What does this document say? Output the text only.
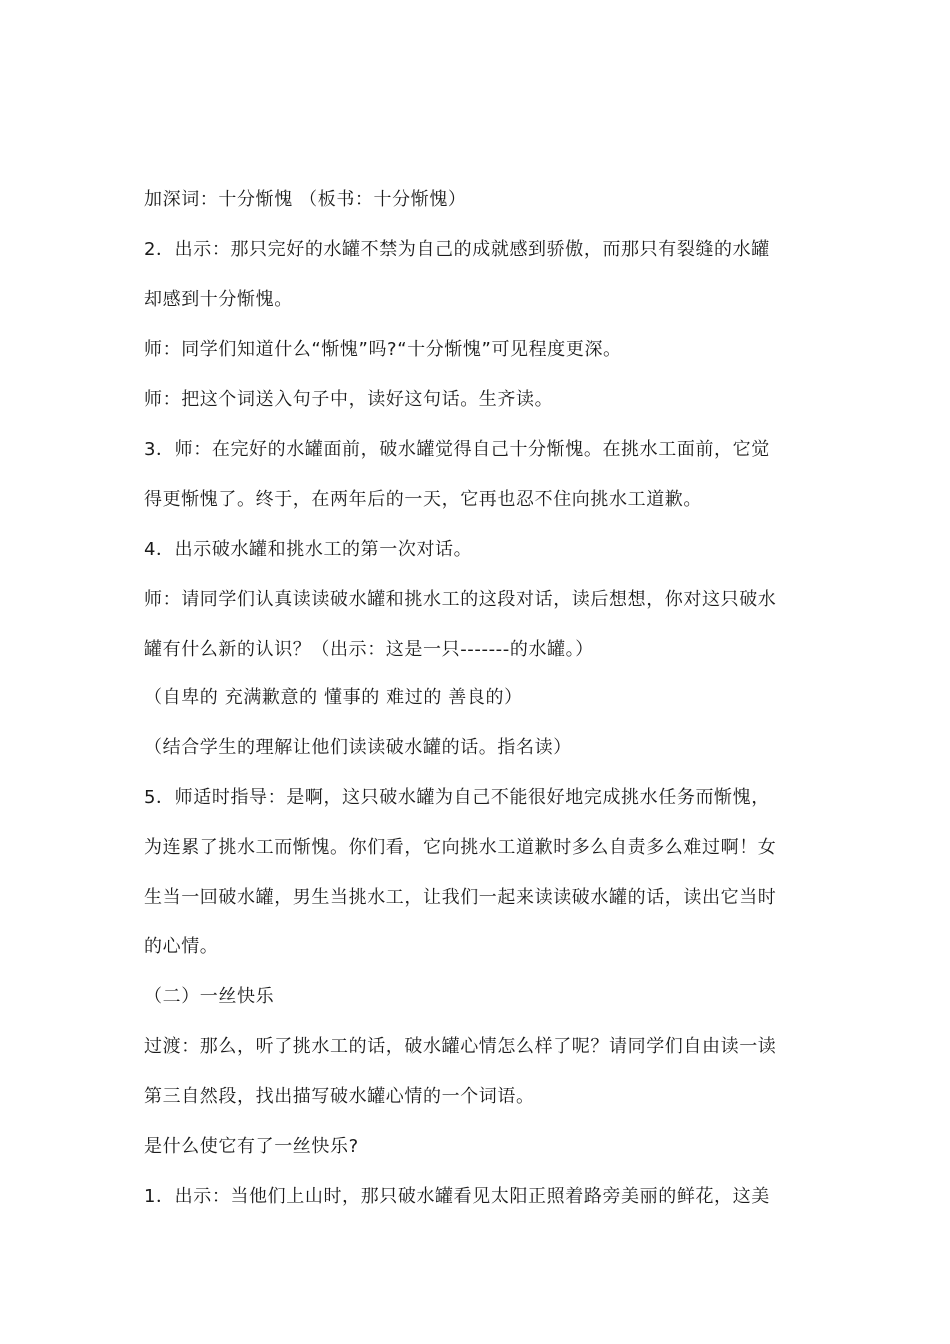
加深词：十分惭愧 （板书：十分惭愧）
2．出示：那只完好的水罐不禁为自己的成就感到骄傲，而那只有裂缝的水罐
却感到十分惭愧。
师：同学们知道什么“惭愧”吗?“十分惭愧”可见程度更深。
师：把这个词送入句子中，读好这句话。生齐读。
3．师：在完好的水罐面前，破水罐觉得自己十分惭愧。在挑水工面前，它觉
得更惭愧了。终于，在两年后的一天，它再也忍不住向挑水工道歉。
4．出示破水罐和挑水工的第一次对话。
师：请同学们认真读读破水罐和挑水工的这段对话，读后想想，你对这只破水
罐有什么新的认识？（出示：这是一只-------的水罐。）
（自卑的 充满歉意的 懂事的 难过的 善良的）
（结合学生的理解让他们读读破水罐的话。指名读）
5．师适时指导：是啊，这只破水罐为自己不能很好地完成挑水任务而惭愧，
为连累了挑水工而惭愧。你们看，它向挑水工道歉时多么自责多么难过啊！女
生当一回破水罐，男生当挑水工，让我们一起来读读破水罐的话，读出它当时
的心情。
（二）一丝快乐
过渡：那么，听了挑水工的话，破水罐心情怎么样了呢？请同学们自由读一读
第三自然段，找出描写破水罐心情的一个词语。
是什么使它有了一丝快乐?
1．出示：当他们上山时，那只破水罐看见太阳正照着路旁美丽的鲜花，这美
